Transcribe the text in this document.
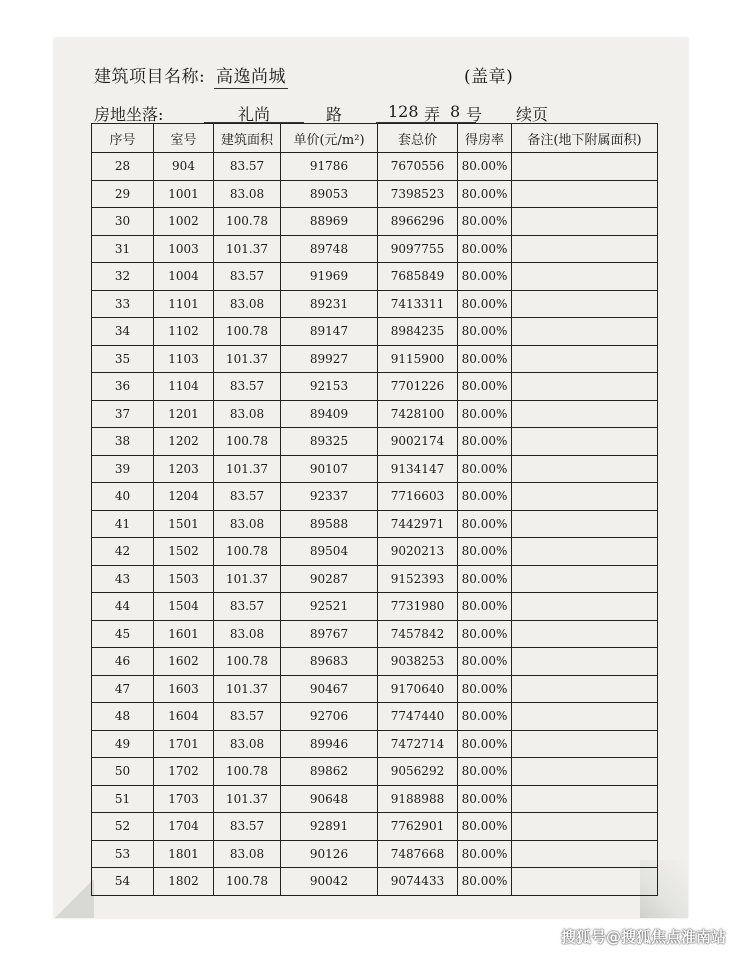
建筑项目名称: 高逸尚城	(盖章)
房地坐落:	礼尚	路	128 弄 8 号 续页
序号	室号	建筑面积	单价(元/m²)	套总价	得房率	备注(地下附属面积)
28	904	83.57	91786	7670556	80.00%	
29	1001	83.08	89053	7398523	80.00%	
30	1002	100.78	88969	8966296	80.00%	
31	1003	101.37	89748	9097755	80.00%	
32	1004	83.57	91969	7685849	80.00%	
33	1101	83.08	89231	7413311	80.00%	
34	1102	100.78	89147	8984235	80.00%	
35	1103	101.37	89927	9115900	80.00%	
36	1104	83.57	92153	7701226	80.00%	
37	1201	83.08	89409	7428100	80.00%	
38	1202	100.78	89325	9002174	80.00%	
39	1203	101.37	90107	9134147	80.00%	
40	1204	83.57	92337	7716603	80.00%	
41	1501	83.08	89588	7442971	80.00%	
42	1502	100.78	89504	9020213	80.00%	
43	1503	101.37	90287	9152393	80.00%	
44	1504	83.57	92521	7731980	80.00%	
45	1601	83.08	89767	7457842	80.00%	
46	1602	100.78	89683	9038253	80.00%	
47	1603	101.37	90467	9170640	80.00%	
48	1604	83.57	92706	7747440	80.00%	
49	1701	83.08	89946	7472714	80.00%	
50	1702	100.78	89862	9056292	80.00%	
51	1703	101.37	90648	9188988	80.00%	
52	1704	83.57	92891	7762901	80.00%	
53	1801	83.08	90126	7487668	80.00%	
54	1802	100.78	90042	9074433	80.00%	
搜狐号@搜狐焦点淮南站
